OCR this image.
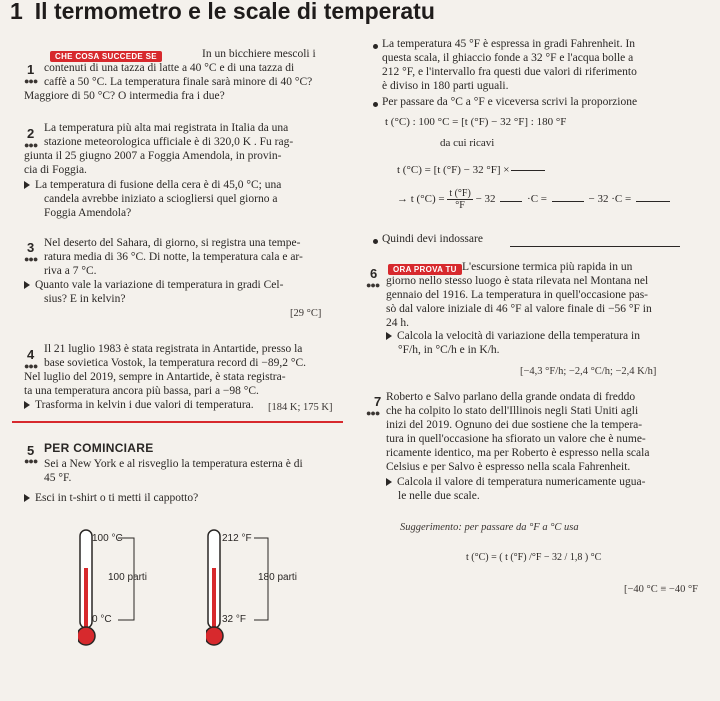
1 Il termometro e le scale di temperatu
1
●●●
CHE COSA SUCCEDE SE	In un bicchiere mescoli i
contenuti di una tazza di latte a 40 °C e di una tazza di
caffè a 50 °C. La temperatura finale sarà minore di 40 °C?
Maggiore di 50 °C? O intermedia fra i due?
2
●●●
La temperatura più alta mai registrata in Italia da una
stazione meteorologica ufficiale è di 320,0 K . Fu rag-
giunta il 25 giugno 2007 a Foggia Amendola, in provin-
cia di Foggia.
La temperatura di fusione della cera è di 45,0 °C; una
candela avrebbe iniziato a sciogliersi quel giorno a
Foggia Amendola?
3
●●●
Nel deserto del Sahara, di giorno, si registra una tempe-
ratura media di 36 °C. Di notte, la temperatura cala e ar-
riva a 7 °C.
Quanto vale la variazione di temperatura in gradi Cel-
sius? E in kelvin?
[29 °C]
4
●●●
Il 21 luglio 1983 è stata registrata in Antartide, presso la
base sovietica Vostok, la temperatura record di −89,2 °C.
Nel luglio del 2019, sempre in Antartide, è stata registra-
ta una temperatura ancora più bassa, pari a −98 °C.
Trasforma in kelvin i due valori di temperatura.	[184 K; 175 K]
5
●●●
PER COMINCIARE
Sei a New York e al risveglio la temperatura esterna è di
45 °F.
Esci in t-shirt o ti metti il cappotto?
100 °C
100 parti
0 °C
212 °F
180 parti
32 °F
La temperatura 45 °F è espressa in gradi Fahrenheit. In
questa scala, il ghiaccio fonde a 32 °F e l'acqua bolle a
212 °F, e l'intervallo fra questi due valori di riferimento
è diviso in 180 parti uguali.
Per passare da °C a °F e viceversa scrivi la proporzione
t (°C) : 100 °C = [t (°F) − 32 °F] : 180 °F
da cui ricavi
t (°C) = [t (°F) − 32 °F] ×

→ t $(^\circ C) = \frac{t (^\circ F)}{^\circ F} - 32$	·C =	− 32 ·C =
Quindi devi indossare
6
●●●
ORA PROVA TU L'escursione termica più rapida in un
giorno nello stesso luogo è stata rilevata nel Montana nel
gennaio del 1916. La temperatura in quell'occasione pas-
sò dal valore iniziale di 46 °F al valore finale di −56 °F in
24 h.
Calcola la velocità di variazione della temperatura in
°F/h, in °C/h e in K/h.
[−4,3 °F/h; −2,4 °C/h; −2,4 K/h]
7
●●●
Roberto e Salvo parlano della grande ondata di freddo
che ha colpito lo stato dell'Illinois negli Stati Uniti agli
inizi del 2019. Ognuno dei due sostiene che la tempera-
tura in quell'occasione ha sfiorato un valore che è nume-
ricamente identico, ma per Roberto è espresso nella scala
Celsius e per Salvo è espresso nella scala Fahrenheit.
Calcola il valore di temperatura numericamente ugua-
le nelle due scale.
Suggerimento: per passare da °F a °C usa
t (°C) = ( t (°F) /°F − 32 / 1,8 ) °C
[−40 °C ≡ −40 °F
